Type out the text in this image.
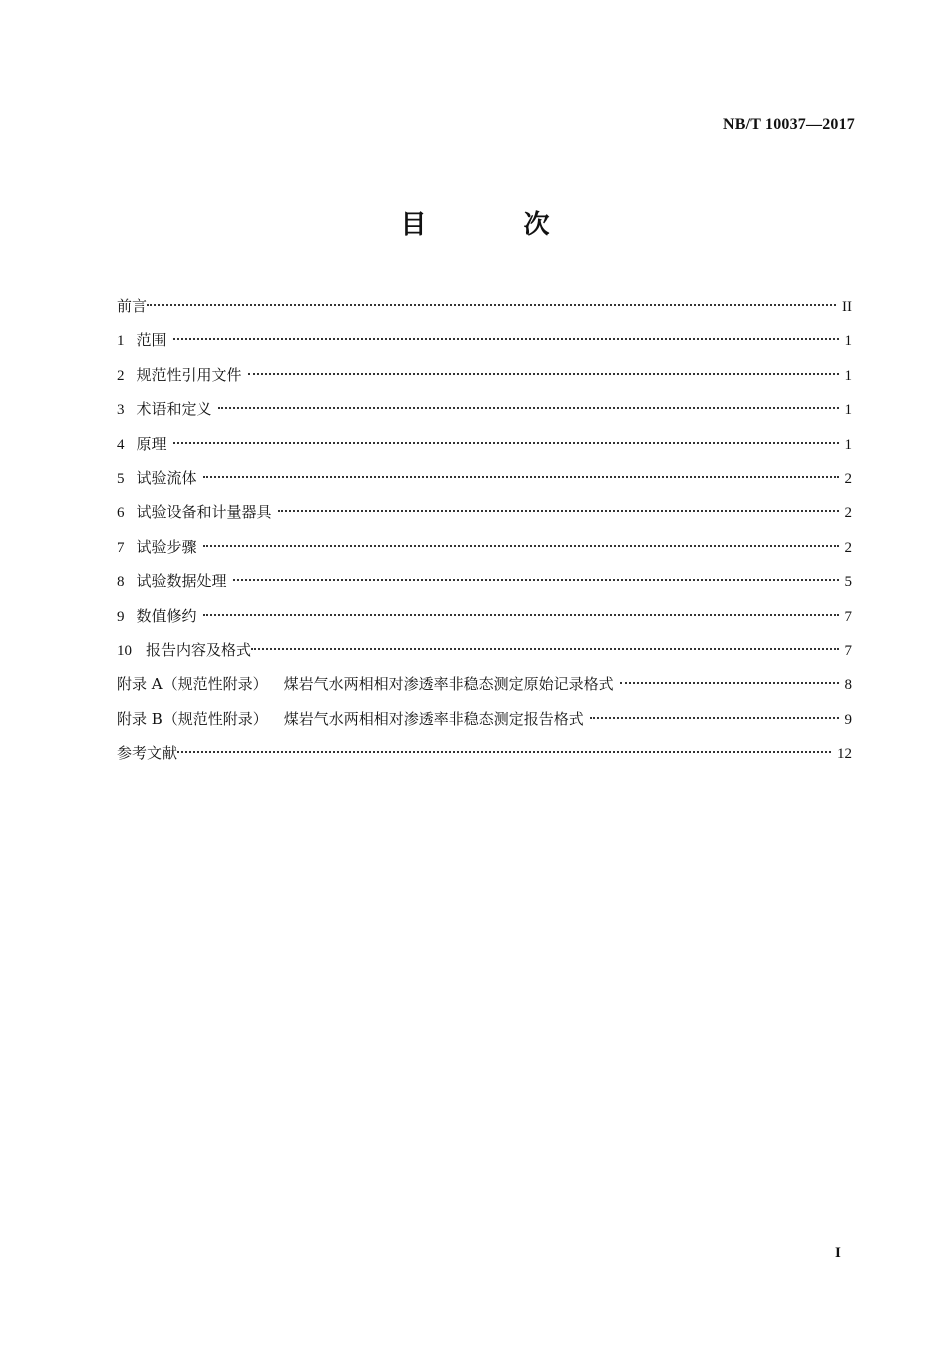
NB/T 10037—2017
目 次
前言	II
1 范围	1
2 规范性引用文件	1
3 术语和定义	1
4 原理	1
5 试验流体	2
6 试验设备和计量器具	2
7 试验步骤	2
8 试验数据处理	5
9 数值修约	7
10 报告内容及格式	7
附录 A（规范性附录） 煤岩气水两相相对渗透率非稳态测定原始记录格式	8
附录 B（规范性附录） 煤岩气水两相相对渗透率非稳态测定报告格式	9
参考文献	12
I
